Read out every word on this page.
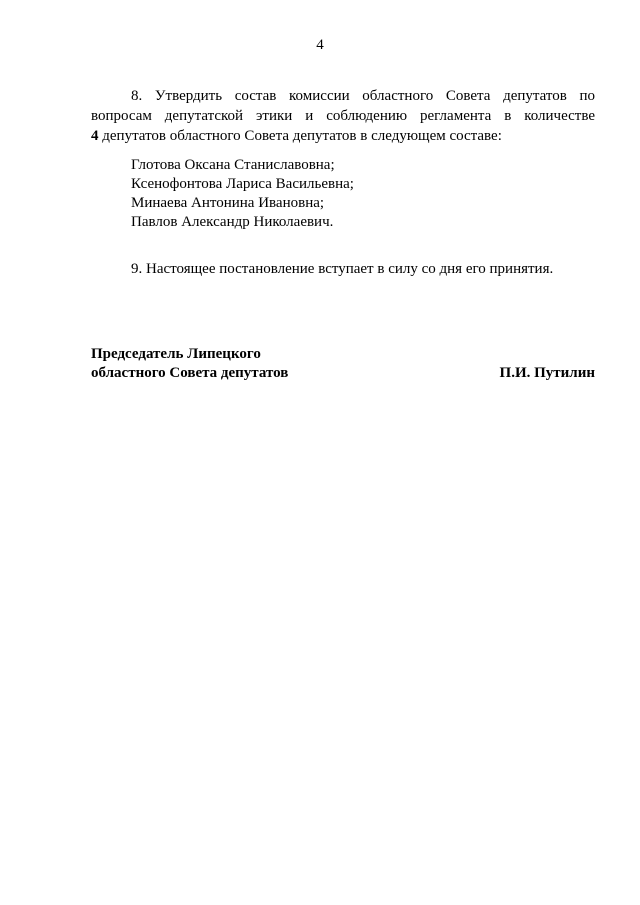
4
8. Утвердить состав комиссии областного Совета депутатов по
вопросам депутатской этики и соблюдению регламента в количестве
4 депутатов областного Совета депутатов в следующем составе:
Глотова Оксана Станиславовна;
Ксенофонтова Лариса Васильевна;
Минаева Антонина Ивановна;
Павлов Александр Николаевич.
9. Настоящее постановление вступает в силу со дня его принятия.
Председатель Липецкого
областного Совета депутатов	П.И. Путилин
